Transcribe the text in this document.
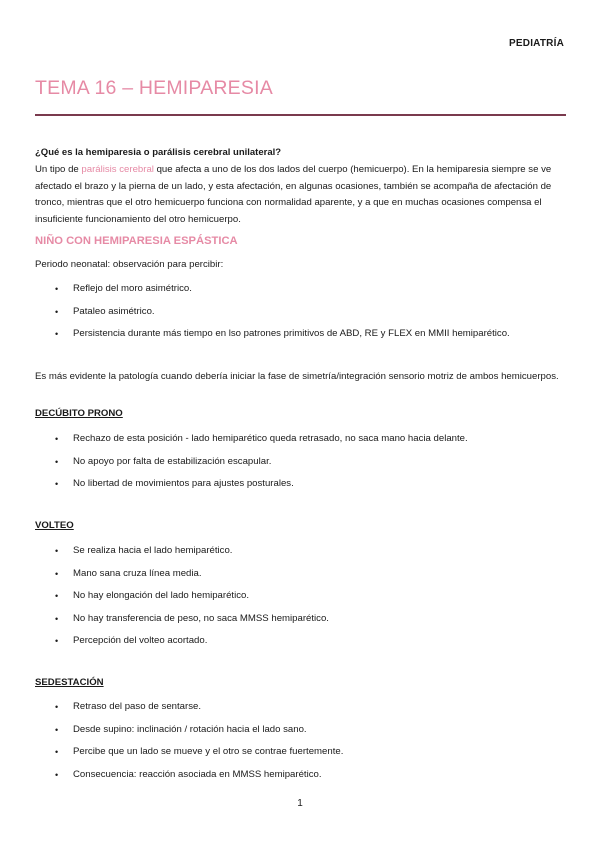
PEDIATRÍA
TEMA 16 – HEMIPARESIA
¿Qué es la hemiparesia o parálisis cerebral unilateral?
Un tipo de parálisis cerebral que afecta a uno de los dos lados del cuerpo (hemicuerpo). En la hemiparesia siempre se ve afectado el brazo y la pierna de un lado, y esta afectación, en algunas ocasiones, también se acompaña de afectación de tronco, mientras que el otro hemicuerpo funciona con normalidad aparente, y a que en muchas ocasiones compensa el insuficiente funcionamiento del otro hemicuerpo.
NIÑO CON HEMIPARESIA ESPÁSTICA
Periodo neonatal: observación para percibir:
• Reflejo del moro asimétrico.
• Pataleo asimétrico.
• Persistencia durante más tiempo en lso patrones primitivos de ABD, RE y FLEX en MMII hemiparético.
Es más evidente la patología cuando debería iniciar la fase de simetría/integración sensorio motriz de ambos hemicuerpos.
DECÚBITO PRONO
• Rechazo de esta posición - lado hemiparético queda retrasado, no saca mano hacia delante.
• No apoyo por falta de estabilización escapular.
• No libertad de movimientos para ajustes posturales.
VOLTEO
• Se realiza hacia el lado hemiparético.
• Mano sana cruza línea media.
• No hay elongación del lado hemiparético.
• No hay transferencia de peso, no saca MMSS hemiparético.
• Percepción del volteo acortado.
SEDESTACIÓN
• Retraso del paso de sentarse.
• Desde supino: inclinación / rotación hacia el lado sano.
• Percibe que un lado se mueve y el otro se contrae fuertemente.
• Consecuencia: reacción asociada en MMSS hemiparético.
1
